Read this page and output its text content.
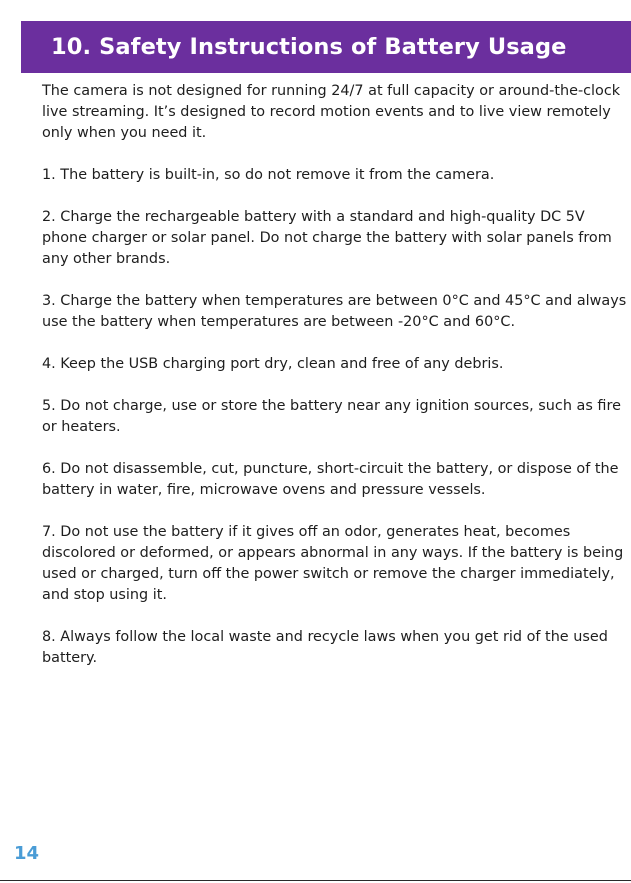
10. Safety Instructions of Battery Usage

The camera is not designed for running 24/7 at full capacity or around-the-clock live streaming. It’s designed to record motion events and to live view remotely only when you need it.

1. The battery is built-in, so do not remove it from the camera.

2. Charge the rechargeable battery with a standard and high-quality DC 5V phone charger or solar panel. Do not charge the battery with solar panels from any other brands.

3. Charge the battery when temperatures are between 0°C and 45°C and always use the battery when temperatures are between -20°C and 60°C.

4. Keep the USB charging port dry, clean and free of any debris.

5. Do not charge, use or store the battery near any ignition sources, such as fire or heaters.

6. Do not disassemble, cut, puncture, short-circuit the battery, or dispose of the battery in water, fire, microwave ovens and pressure vessels.

7. Do not use the battery if it gives off an odor, generates heat, becomes discolored or deformed, or appears abnormal in any ways. If the battery is being used or charged, turn off the power switch or remove the charger immediately, and stop using it.

8. Always follow the local waste and recycle laws when you get rid of the used battery.

14
